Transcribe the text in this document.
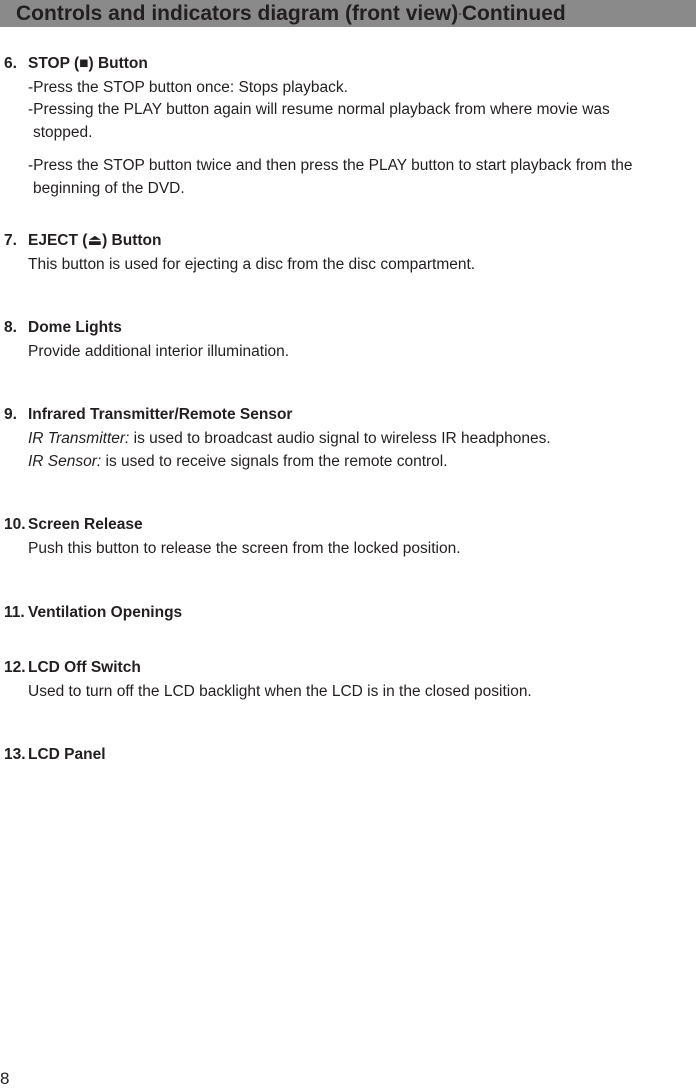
Controls and indicators diagram (front view)-Continued
6. STOP (■) Button
-Press the STOP button once: Stops playback.
-Pressing the PLAY button again will resume normal playback from where movie was
stopped.
-Press the STOP button twice and then press the PLAY button to start playback from the
beginning of the DVD.
7. EJECT (⏏) Button
This button is used for ejecting a disc from the disc compartment.
8. Dome Lights
Provide additional interior illumination.
9. Infrared Transmitter/Remote Sensor
IR Transmitter: is used to broadcast audio signal to wireless IR headphones.
IR Sensor: is used to receive signals from the remote control.
10. Screen Release
Push this button to release the screen from the locked position.
11. Ventilation Openings
12. LCD Off Switch
Used to turn off the LCD backlight when the LCD is in the closed position.
13. LCD Panel
8
